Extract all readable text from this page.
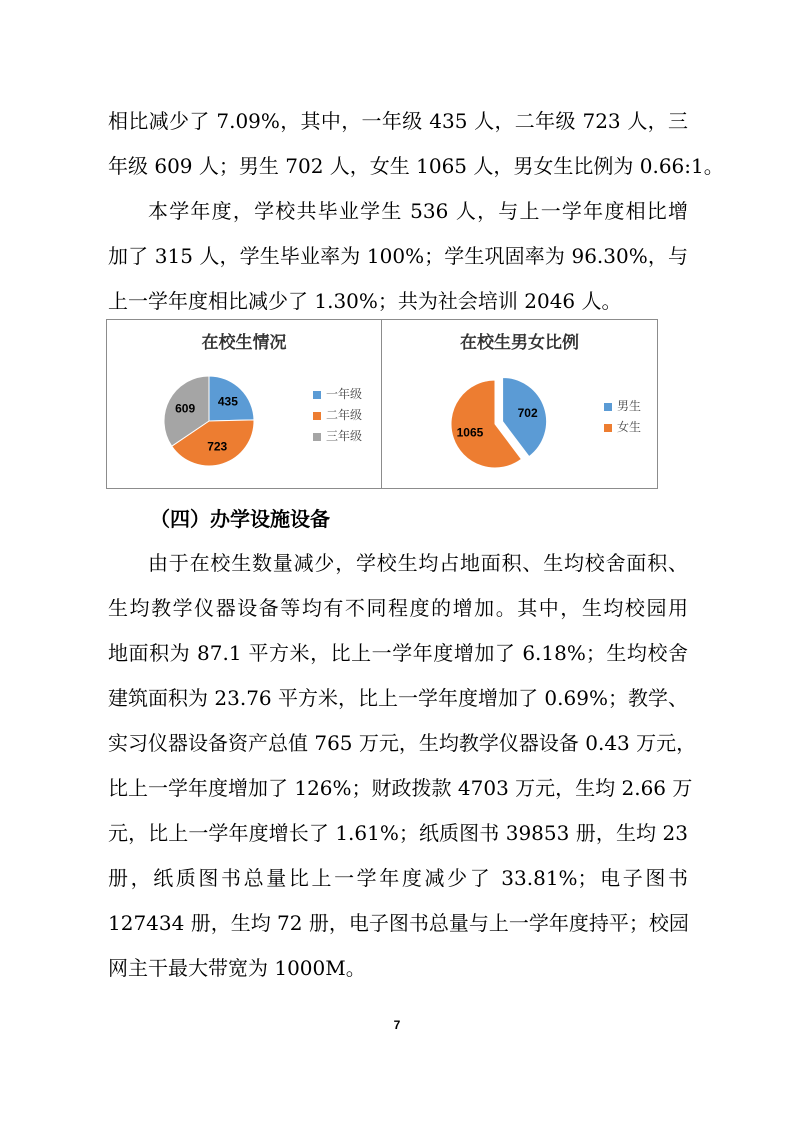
相比减少了 7.09%，其中，一年级 435 人，二年级 723 人，三
年级 609 人；男生 702 人，女生 1065 人，男女生比例为 0.66:1。
本学年度，学校共毕业学生 536 人，与上一学年度相比增
加了 315 人，学生毕业率为 100%；学生巩固率为 96.30%，与
上一学年度相比减少了 1.30%；共为社会培训 2046 人。
在校生情况
435
723
609
一年级
二年级
三年级
在校生男女比例
702
1065
男生
女生
（四）办学设施设备
由于在校生数量减少，学校生均占地面积、生均校舍面积、
生均教学仪器设备等均有不同程度的增加。其中，生均校园用
地面积为 87.1 平方米，比上一学年度增加了 6.18%；生均校舍
建筑面积为 23.76 平方米，比上一学年度增加了 0.69%；教学、
实习仪器设备资产总值 765 万元，生均教学仪器设备 0.43 万元，
比上一学年度增加了 126%；财政拨款 4703 万元，生均 2.66 万
元，比上一学年度增长了 1.61%；纸质图书 39853 册，生均 23
册，纸质图书总量比上一学年度减少了 33.81%；电子图书
127434 册，生均 72 册，电子图书总量与上一学年度持平；校园
网主干最大带宽为 1000M。
7
